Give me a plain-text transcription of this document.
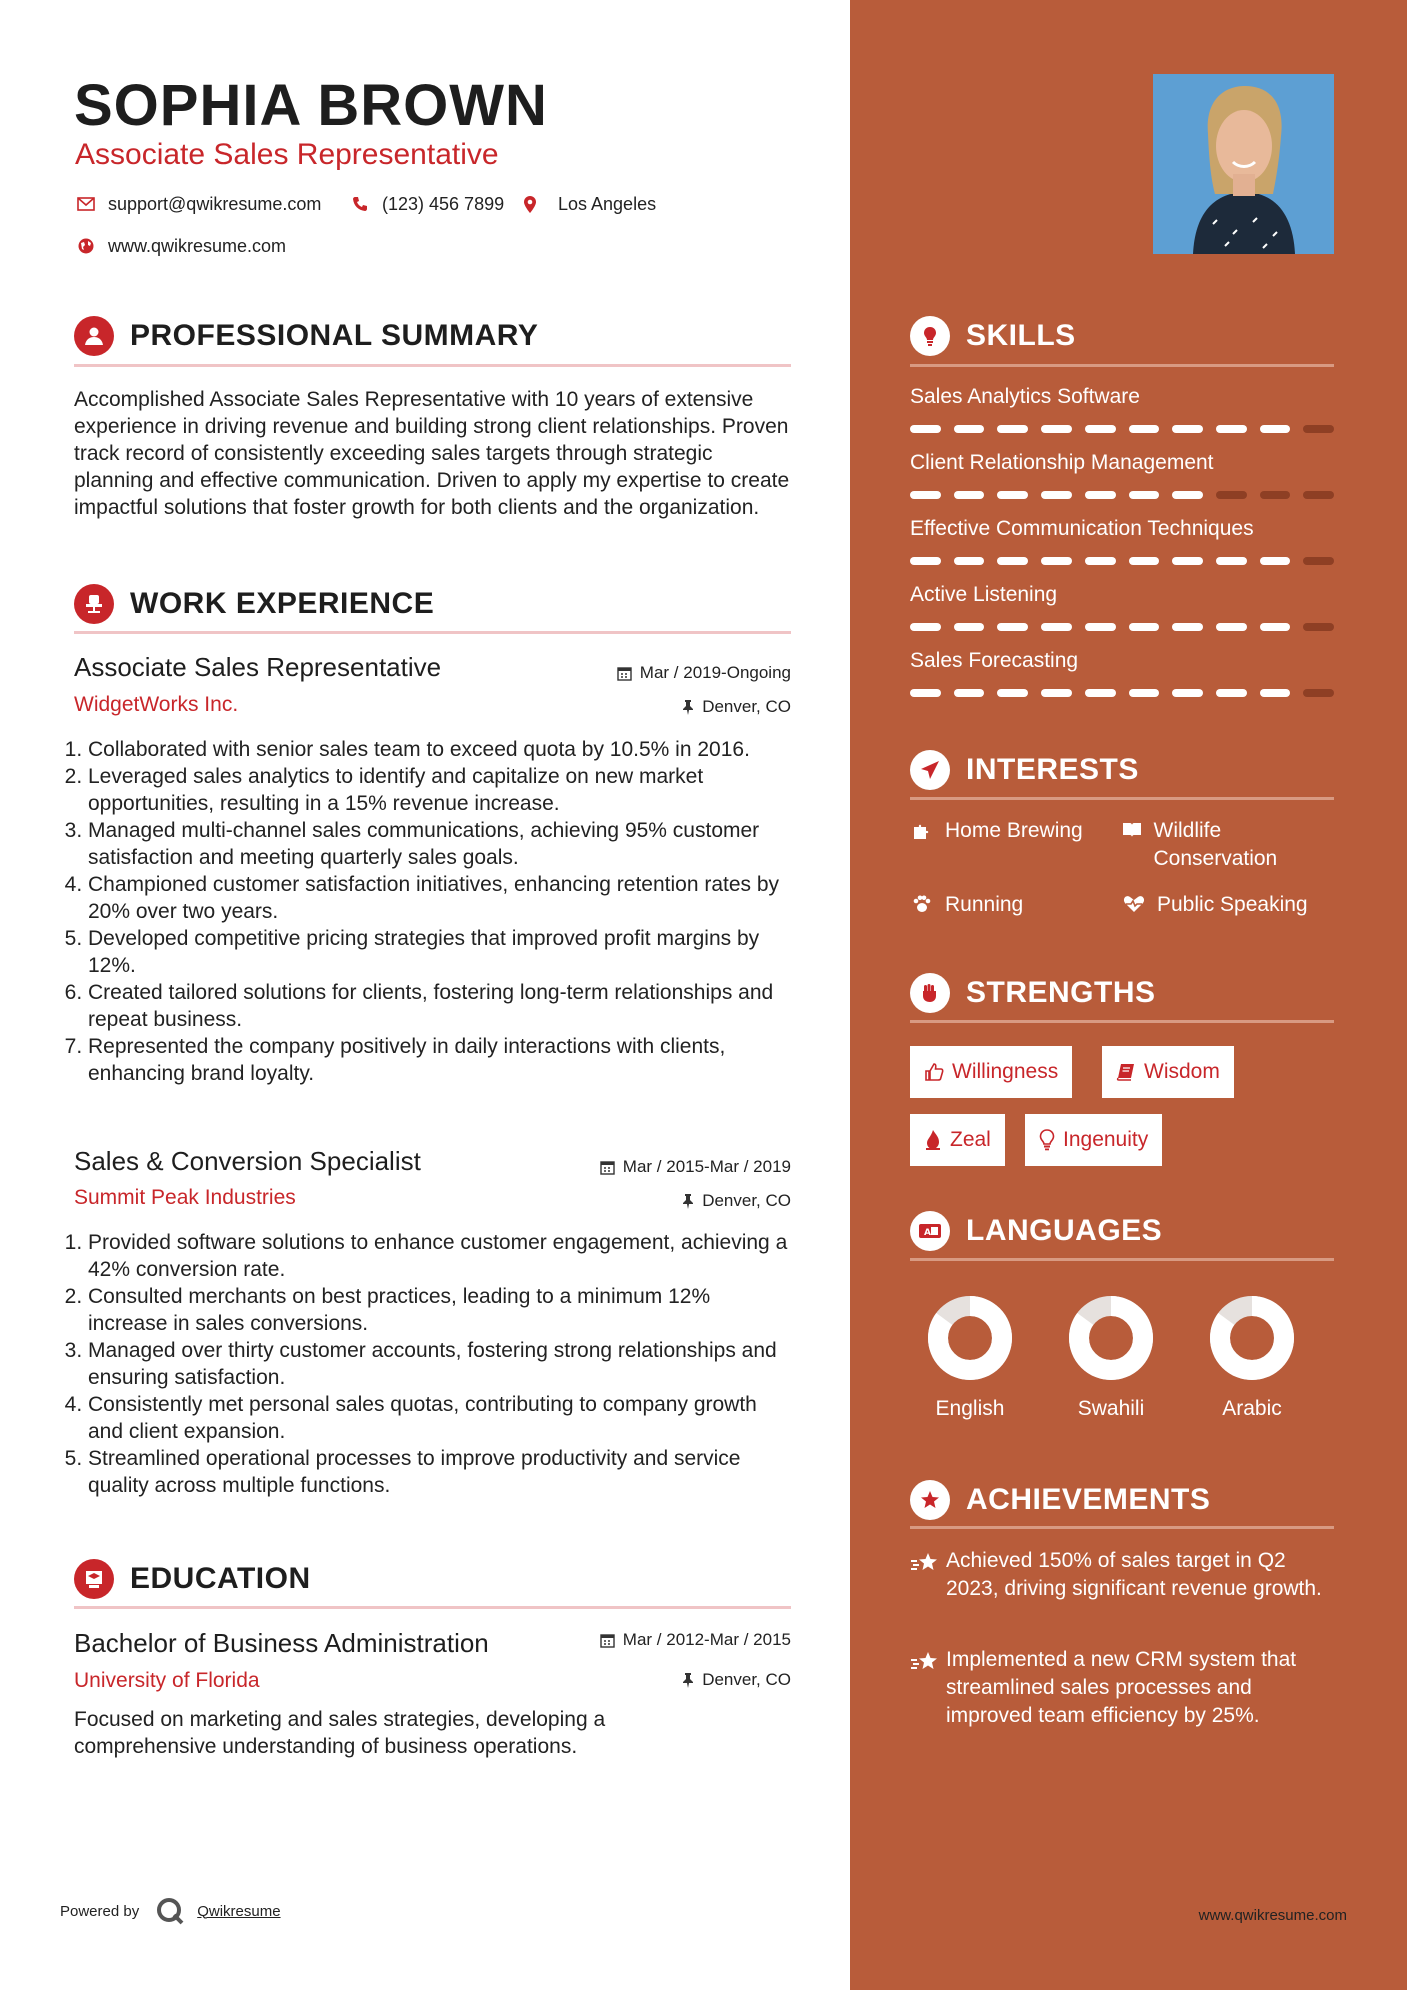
SOPHIA BROWN
Associate Sales Representative
support@qwikresume.com	(123) 456 7899	Los Angeles
www.qwikresume.com
PROFESSIONAL SUMMARY
Accomplished Associate Sales Representative with 10 years of extensive experience in driving revenue and building strong client relationships. Proven track record of consistently exceeding sales targets through strategic planning and effective communication. Driven to apply my expertise to create impactful solutions that foster growth for both clients and the organization.
WORK EXPERIENCE
Associate Sales Representative	Mar / 2019-Ongoing
WidgetWorks Inc.	Denver, CO
1. Collaborated with senior sales team to exceed quota by 10.5% in 2016.
2. Leveraged sales analytics to identify and capitalize on new market opportunities, resulting in a 15% revenue increase.
3. Managed multi-channel sales communications, achieving 95% customer satisfaction and meeting quarterly sales goals.
4. Championed customer satisfaction initiatives, enhancing retention rates by 20% over two years.
5. Developed competitive pricing strategies that improved profit margins by 12%.
6. Created tailored solutions for clients, fostering long-term relationships and repeat business.
7. Represented the company positively in daily interactions with clients, enhancing brand loyalty.
Sales & Conversion Specialist	Mar / 2015-Mar / 2019
Summit Peak Industries	Denver, CO
1. Provided software solutions to enhance customer engagement, achieving a 42% conversion rate.
2. Consulted merchants on best practices, leading to a minimum 12% increase in sales conversions.
3. Managed over thirty customer accounts, fostering strong relationships and ensuring satisfaction.
4. Consistently met personal sales quotas, contributing to company growth and client expansion.
5. Streamlined operational processes to improve productivity and service quality across multiple functions.
EDUCATION
Bachelor of Business Administration	Mar / 2012-Mar / 2015
University of Florida	Denver, CO
Focused on marketing and sales strategies, developing a comprehensive understanding of business operations.
Powered by	Qwikresume
SKILLS
Sales Analytics Software
Client Relationship Management
Effective Communication Techniques
Active Listening
Sales Forecasting
INTERESTS
Home Brewing	Wildlife Conservation
Running	Public Speaking
STRENGTHS
Willingness	Wisdom
Zeal	Ingenuity
A LANGUAGES
English	Swahili	Arabic
ACHIEVEMENTS
Achieved 150% of sales target in Q2 2023, driving significant revenue growth.
Implemented a new CRM system that streamlined sales processes and improved team efficiency by 25%.
www.qwikresume.com
